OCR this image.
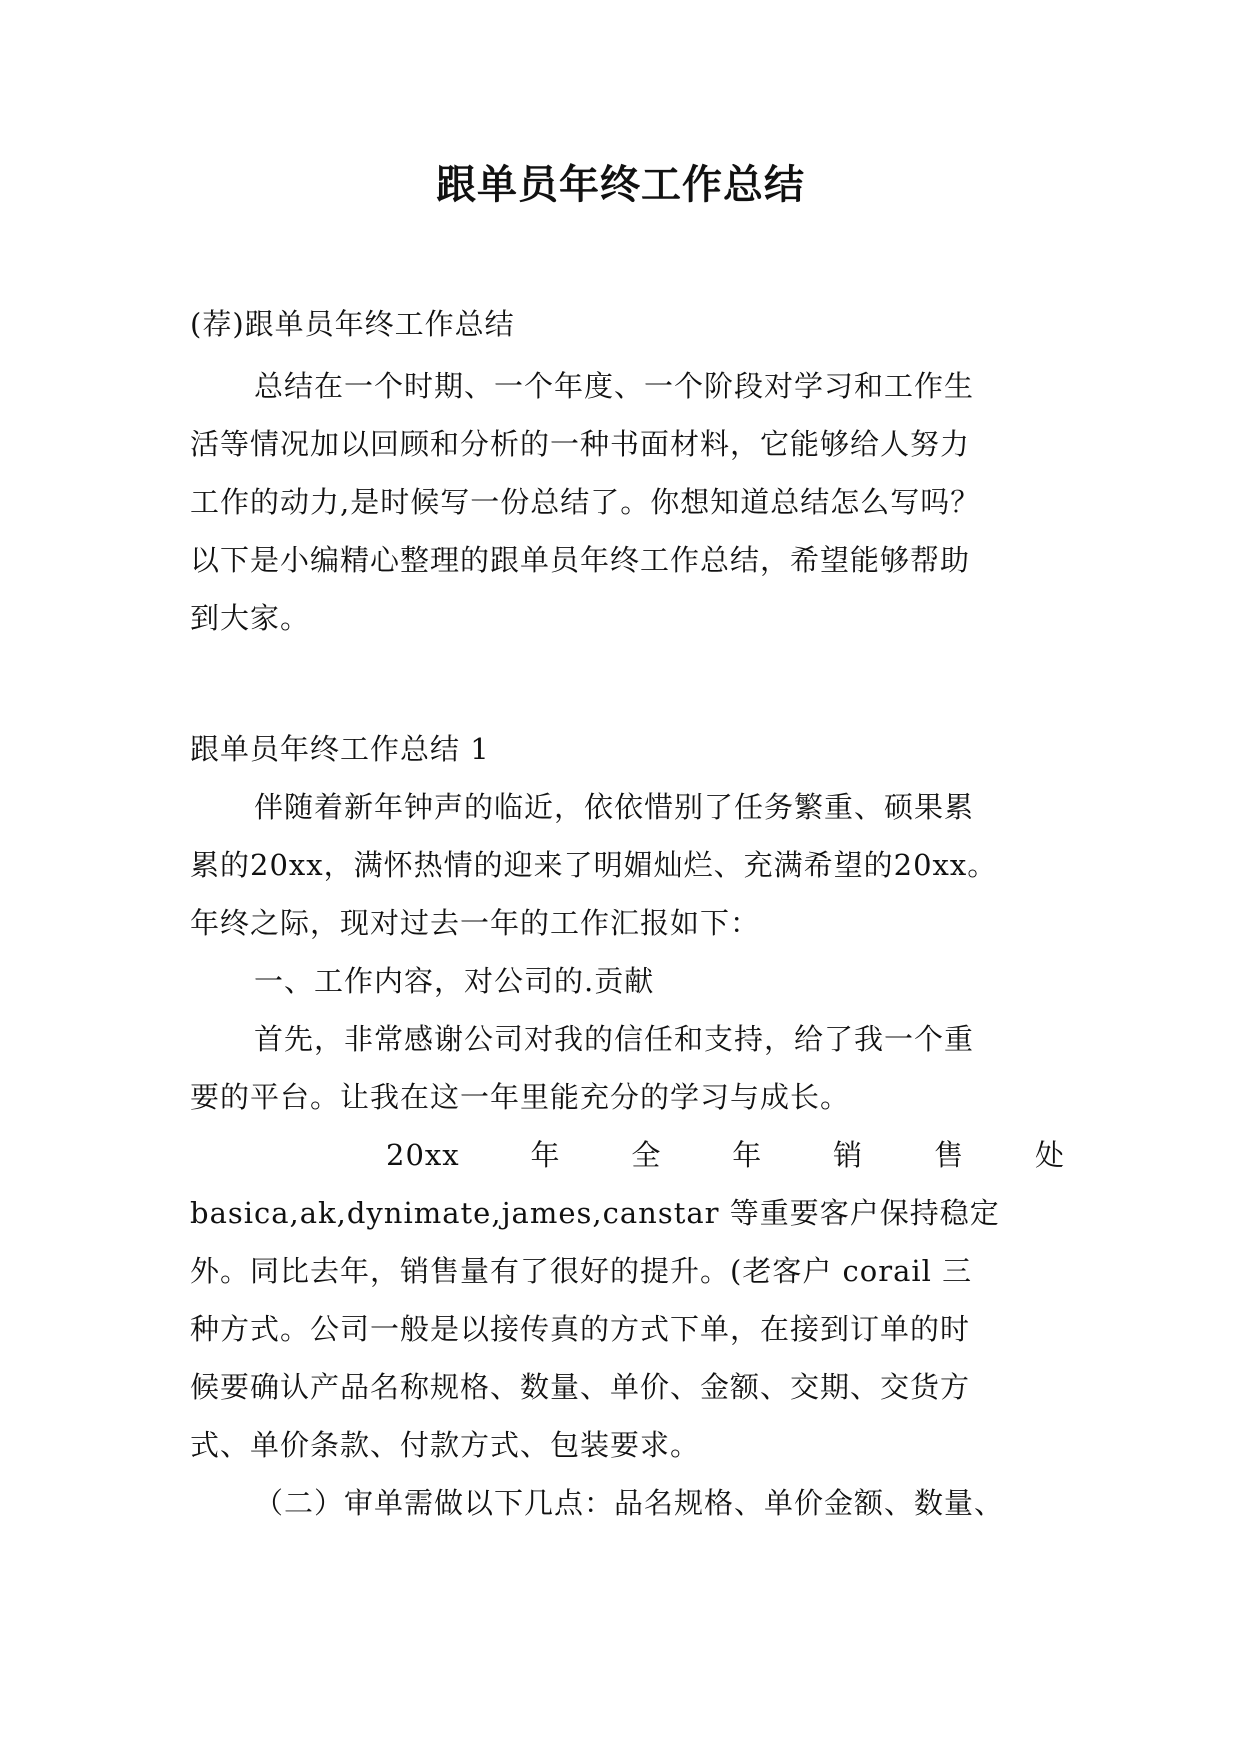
跟单员年终工作总结

(荐)跟单员年终工作总结

总结在一个时期、一个年度、一个阶段对学习和工作生

活等情况加以回顾和分析的一种书面材料，它能够给人努力

工作的动力,是时候写一份总结了。你想知道总结怎么写吗？

以下是小编精心整理的跟单员年终工作总结，希望能够帮助

到大家。

跟单员年终工作总结 1

伴随着新年钟声的临近，依依惜别了任务繁重、硕果累

累的20xx，满怀热情的迎来了明媚灿烂、充满希望的20xx。

年终之际，现对过去一年的工作汇报如下：

一、工作内容，对公司的.贡献

首先，非常感谢公司对我的信任和支持，给了我一个重

要的平台。让我在这一年里能充分的学习与成长。

20xx 年 全 年 销 售 处

basica,ak,dynimate,james,canstar 等重要客户保持稳定

外。同比去年，销售量有了很好的提升。(老客户 corail 三

种方式。公司一般是以接传真的方式下单，在接到订单的时

候要确认产品名称规格、数量、单价、金额、交期、交货方

式、单价条款、付款方式、包装要求。

（二）审单需做以下几点：品名规格、单价金额、数量、
